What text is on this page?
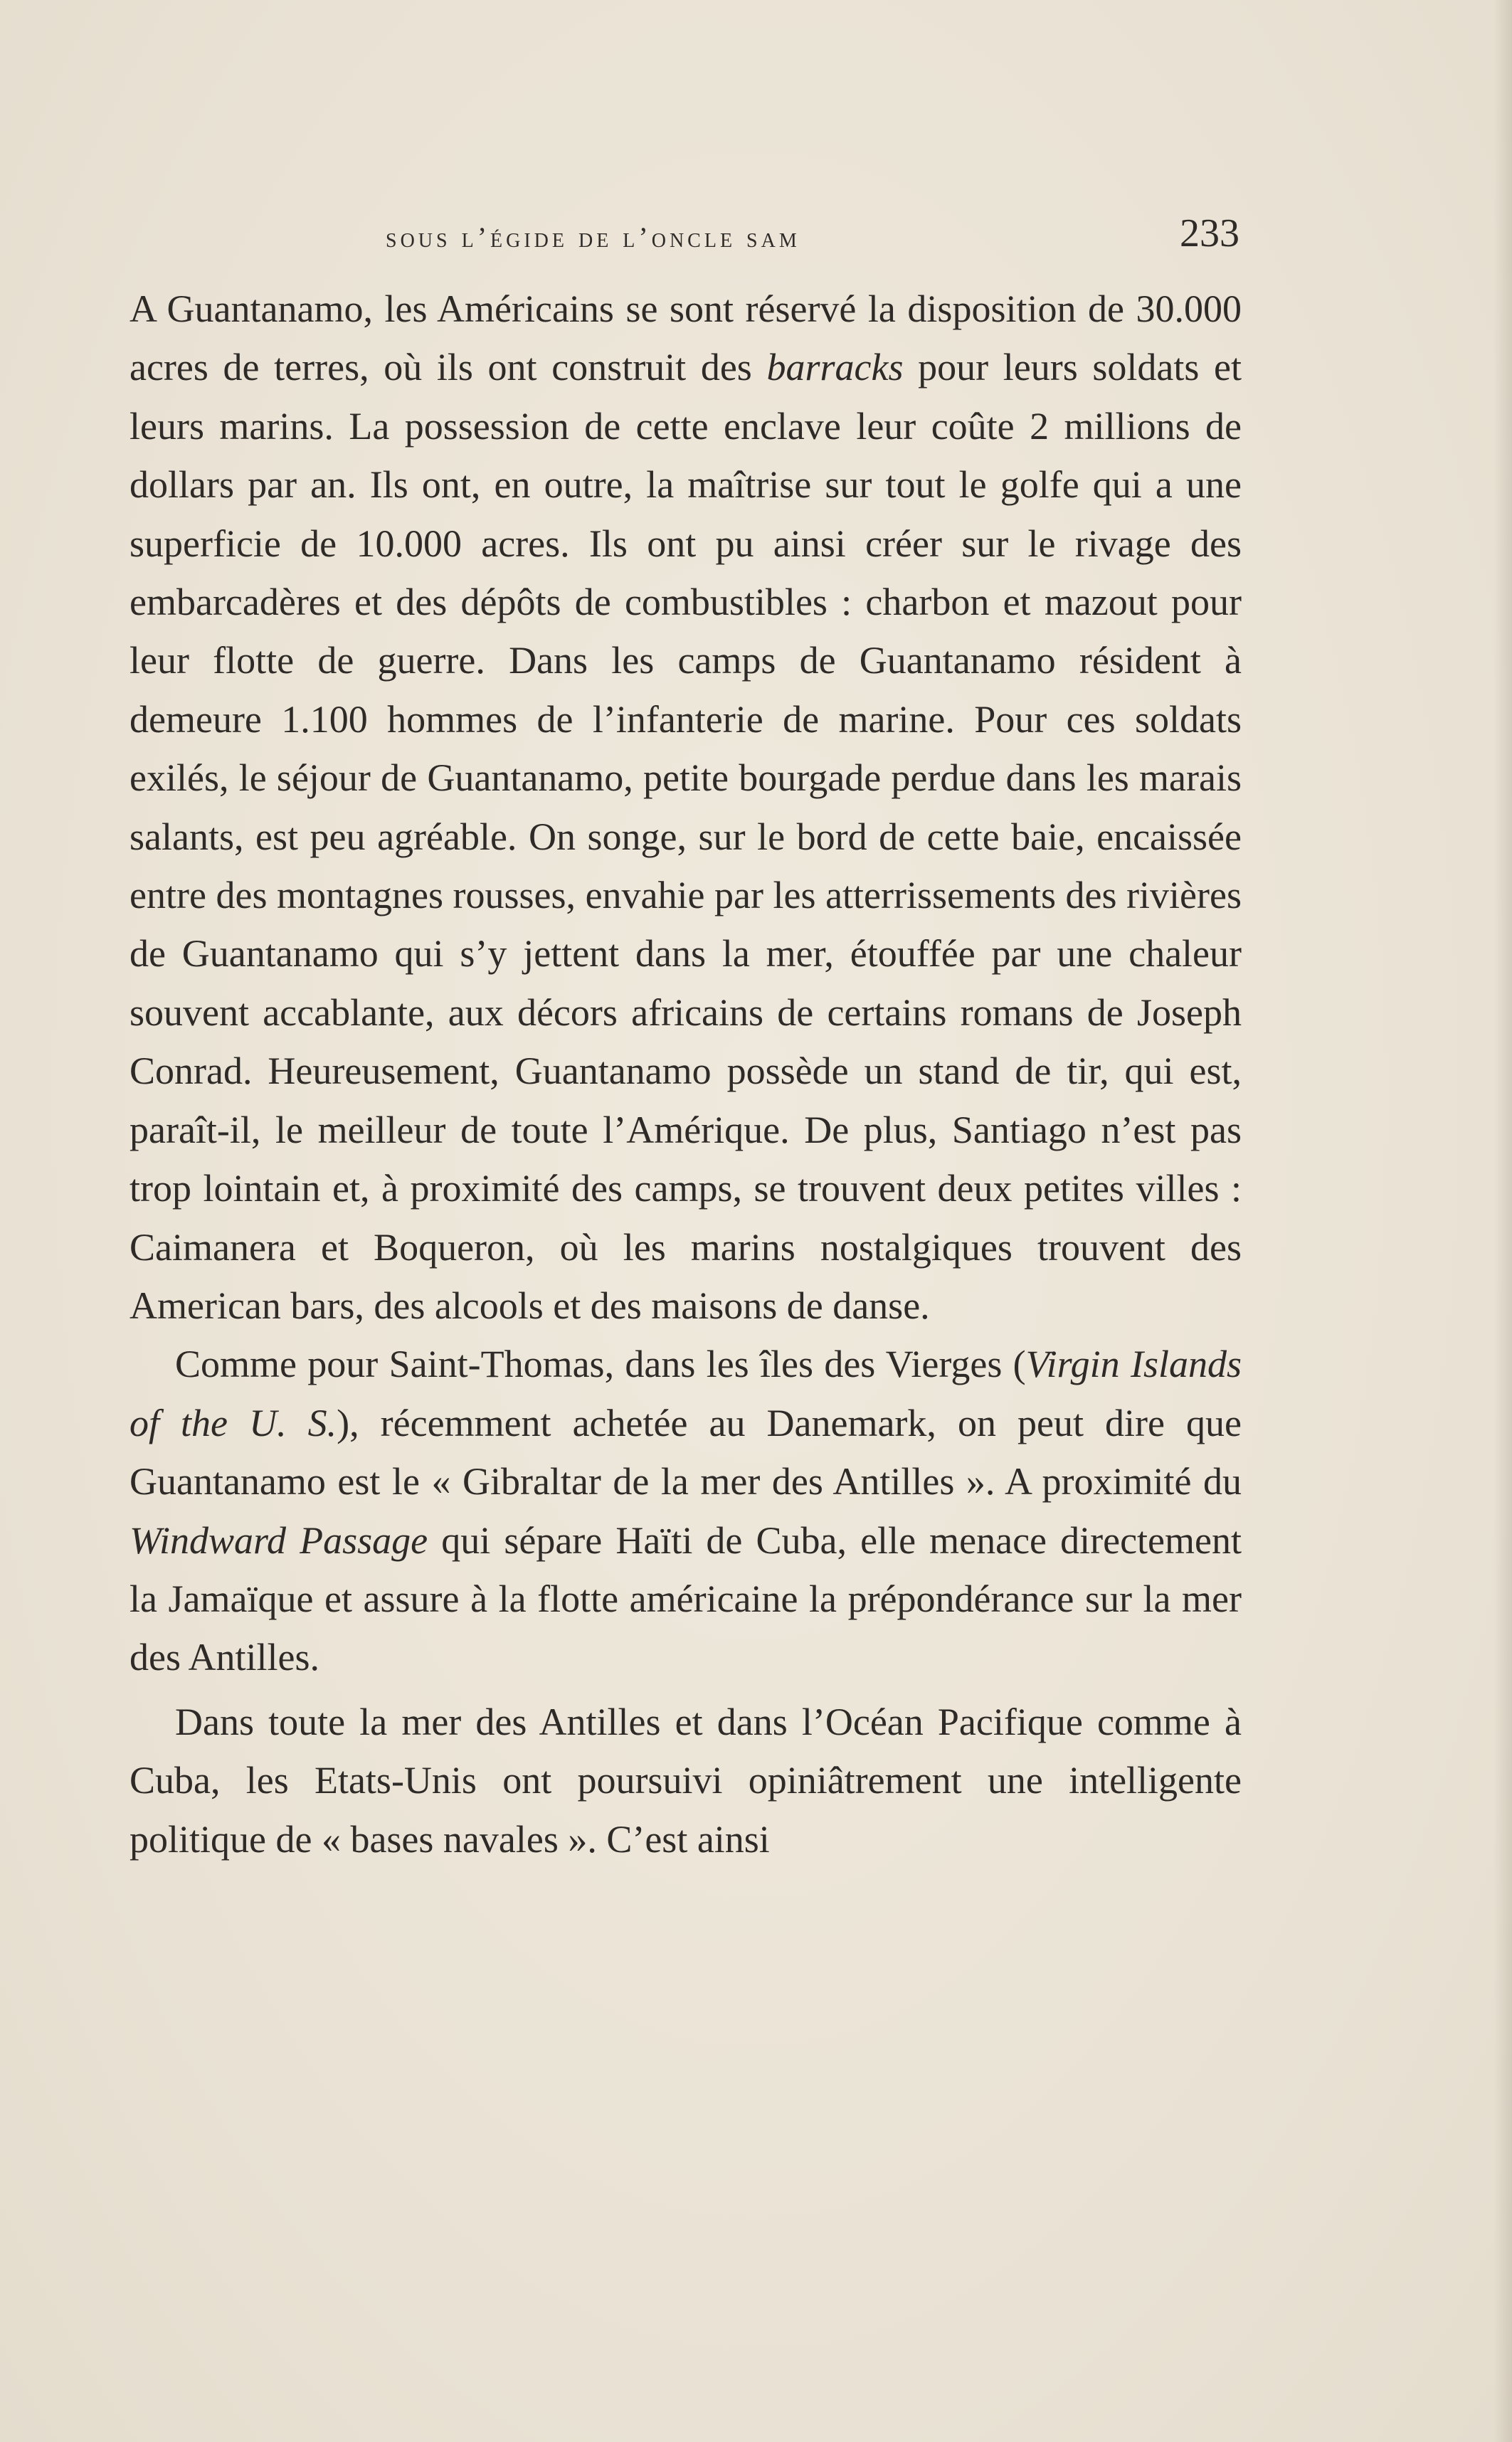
sous l’égide de l’oncle sam	233

A Guantanamo, les Américains se sont réservé la disposition de 30.000 acres de terres, où ils ont construit des barracks pour leurs soldats et leurs marins. La possession de cette enclave leur coûte 2 millions de dollars par an. Ils ont, en outre, la maîtrise sur tout le golfe qui a une superficie de 10.000 acres. Ils ont pu ainsi créer sur le rivage des embarcadères et des dépôts de combustibles : charbon et mazout pour leur flotte de guerre. Dans les camps de Guantanamo résident à demeure 1.100 hommes de l’infanterie de marine. Pour ces soldats exilés, le séjour de Guantanamo, petite bourgade perdue dans les marais salants, est peu agréable. On songe, sur le bord de cette baie, encaissée entre des montagnes rousses, envahie par les atterrissements des rivières de Guantanamo qui s’y jettent dans la mer, étouffée par une chaleur souvent accablante, aux décors africains de certains romans de Joseph Conrad. Heureusement, Guantanamo possède un stand de tir, qui est, paraît-il, le meilleur de toute l’Amérique. De plus, Santiago n’est pas trop lointain et, à proximité des camps, se trouvent deux petites villes : Caimanera et Boqueron, où les marins nostalgiques trouvent des American bars, des alcools et des maisons de danse.

Comme pour Saint-Thomas, dans les îles des Vierges (Virgin Islands of the U. S.), récemment achetée au Danemark, on peut dire que Guantanamo est le « Gibraltar de la mer des Antilles ». A proximité du Windward Passage qui sépare Haïti de Cuba, elle menace directement la Jamaïque et assure à la flotte américaine la prépondérance sur la mer des Antilles.

Dans toute la mer des Antilles et dans l’Océan Pacifique comme à Cuba, les Etats-Unis ont poursuivi opiniâtrement une intelligente politique de « bases navales ». C’est ainsi
